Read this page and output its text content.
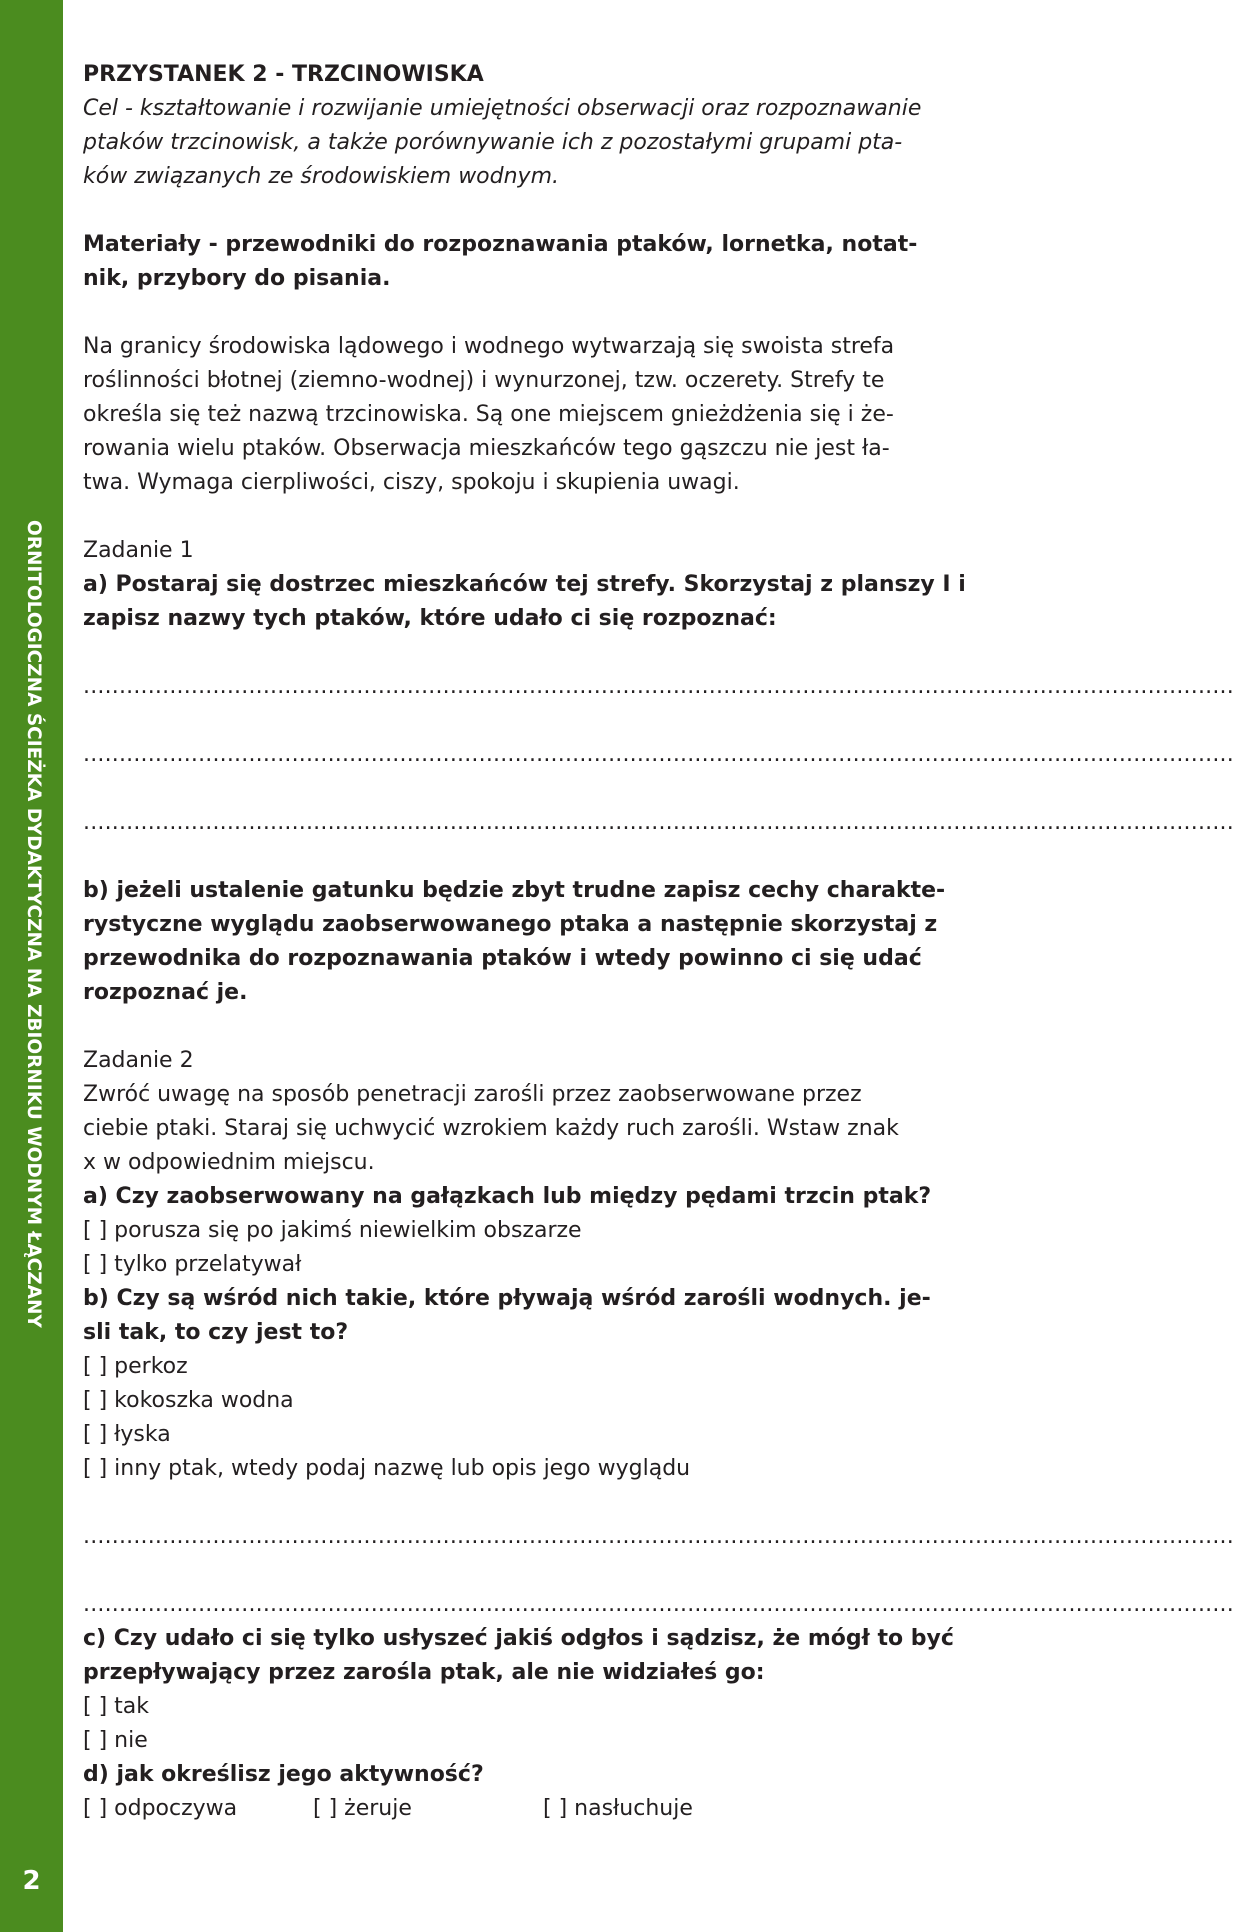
ORNITOLOGICZNA ŚCIEŻKA DYDAKTYCZNA NA ZBIORNIKU WODNYM ŁĄCZANY
2
PRZYSTANEK 2 - TRZCINOWISKA
Cel - kształtowanie i rozwijanie umiejętności obserwacji oraz rozpoznawanie
ptaków trzcinowisk, a także porównywanie ich z pozostałymi grupami pta-
ków związanych ze środowiskiem wodnym.
Materiały - przewodniki do rozpoznawania ptaków, lornetka, notat-
nik, przybory do pisania.
Na granicy środowiska lądowego i wodnego wytwarzają się swoista strefa
roślinności błotnej (ziemno-wodnej) i wynurzonej, tzw. oczerety. Strefy te
określa się też nazwą trzcinowiska. Są one miejscem gnieżdżenia się i że-
rowania wielu ptaków. Obserwacja mieszkańców tego gąszczu nie jest ła-
twa. Wymaga cierpliwości, ciszy, spokoju i skupienia uwagi.
Zadanie 1
a) Postaraj się dostrzec mieszkańców tej strefy. Skorzystaj z planszy I i
zapisz nazwy tych ptaków, które udało ci się rozpoznać:
................................................................................................................................................................
................................................................................................................................................................
................................................................................................................................................................
b) jeżeli ustalenie gatunku będzie zbyt trudne zapisz cechy charakte-
rystyczne wyglądu zaobserwowanego ptaka a następnie skorzystaj z
przewodnika do rozpoznawania ptaków i wtedy powinno ci się udać
rozpoznać je.
Zadanie 2
Zwróć uwagę na sposób penetracji zarośli przez zaobserwowane przez
ciebie ptaki. Staraj się uchwycić wzrokiem każdy ruch zarośli. Wstaw znak
x w odpowiednim miejscu.
a) Czy zaobserwowany na gałązkach lub między pędami trzcin ptak?
[ ] porusza się po jakimś niewielkim obszarze
[ ] tylko przelatywał
b) Czy są wśród nich takie, które pływają wśród zarośli wodnych. je-
sli tak, to czy jest to?
[ ] perkoz
[ ] kokoszka wodna
[ ] łyska
[ ] inny ptak, wtedy podaj nazwę lub opis jego wyglądu
................................................................................................................................................................
................................................................................................................................................................
c) Czy udało ci się tylko usłyszeć jakiś odgłos i sądzisz, że mógł to być
przepływający przez zarośla ptak, ale nie widziałeś go:
[ ] tak
[ ] nie
d) jak określisz jego aktywność?
[ ] odpoczywa	[ ] żeruje	[ ] nasłuchuje
